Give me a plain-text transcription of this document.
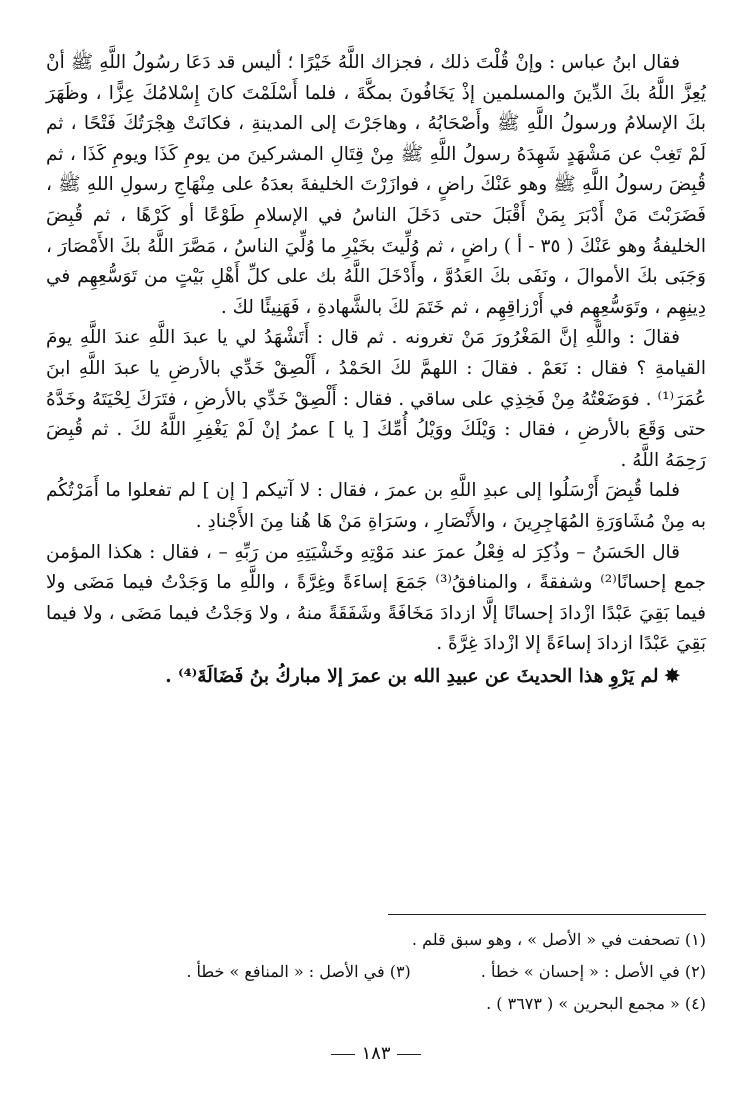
فقال ابنُ عباس : وإنْ قُلْتَ ذلك ، فجزاك اللَّهُ خَيْرًا ؛ أليس قد دَعَا رسُولُ اللَّهِ ﷺ أنْ يُعِزَّ اللَّهُ بكَ الدِّينَ والمسلمين إذْ يَخَافُونَ بمكَّةَ ، فلما أَسْلَمْتَ كانَ إِسْلامُكَ عِزًّا ، وظَهَرَ بكَ الإسلامُ ورسولُ اللَّهِ ﷺ وأَصْحَابُهُ ، وهاجَرْتَ إلى المدينةِ ، فكانَتْ هِجْرَتُكَ فَتْحًا ، ثم لَمْ تَغِبْ عن مَشْهَدٍ شَهِدَهُ رسولُ اللَّهِ ﷺ مِنْ قِتَالِ المشركينَ من يومِ كَذَا ويومِ كَذَا ، ثم قُبِضَ رسولُ اللَّهِ ﷺ وهو عَنْكَ راضٍ ، فوازَرْتَ الخليفةَ بعدَهُ على مِنْهَاجِ رسولِ اللهِ ﷺ ، فَضَرَبْتَ مَنْ أَدْبَرَ بِمَنْ أَقْبَلَ حتى دَخَلَ الناسُ في الإسلامِ طَوْعًا أو كَرْهًا ، ثم قُبِضَ الخليفةُ وهو عَنْكَ ( ٣٥ - أ ) راضٍ ، ثم وُلِّيتَ بخَيْرِ ما وُلِّيَ الناسُ ، مَصَّرَ اللَّهُ بكَ الأَمْصَارَ ، وَجَبَى بكَ الأموالَ ، ونَفَى بكَ العَدُوَّ ، وأَدْخَلَ اللَّهُ بك على كلِّ أَهْلِ بَيْتٍ من تَوَسُّعِهِم في دِينِهِم ، وتَوَسُّعِهِم في أَرْزاقِهِم ، ثم خَتَمَ لكَ بالشَّهادةِ ، فَهَنِيئًا لكَ .

فقالَ : واللَّهِ إنَّ المَغْرُورَ مَنْ تغرونه . ثم قال : أَتَشْهَدُ لي يا عبدَ اللَّهِ عندَ اللَّهِ يومَ القيامةِ ؟ فقال : نَعَمْ . فقالَ : اللهمَّ لكَ الحَمْدُ ، أَلْصِقْ خَدِّي بالأرضِ يا عبدَ اللَّهِ ابنَ عُمَرَ⁽¹⁾ . فوَضَعْتُهُ مِنْ فَخِذِي على ساقي . فقال : أَلْصِقْ خَدِّي بالأرضِ ، فتَرَكَ لِحْيَتَهُ وخَدَّهُ حتى وَقَعَ بالأرضِ ، فقال : وَيْلَكَ ووَيْلُ أُمِّكَ [ يا ] عمرُ إنْ لَمْ يَغْفِرِ اللَّهُ لكَ . ثم قُبِضَ رَحِمَهُ اللَّهُ .

فلما قُبِضَ أَرْسَلُوا إلى عبدِ اللَّهِ بن عمرَ ، فقال : لا آتيكم [ إن ] لم تفعلوا ما أَمَرْتُكُم به مِنْ مُشَاوَرَةِ المُهَاجِرِينَ ، والأَنْصَارِ ، وسَرَاةِ مَنْ هَا هُنا مِنَ الأَجْنادِ .

قال الحَسَنُ – وذُكِرَ له فِعْلُ عمرَ عند مَوْتِهِ وخَشْيَتِهِ من رَبِّهِ – ، فقال : هكذا المؤمن جمع إحسانًا⁽²⁾ وشفقةً ، والمنافقُ⁽³⁾ جَمَعَ إساءَةً وغِرَّةً ، واللَّهِ ما وَجَدْتُ فيما مَضَى ولا فيما بَقِيَ عَبْدًا ازْدادَ إحسانًا إلَّا ازدادَ مَخَافَةً وشَفَقَةً منهُ ، ولا وَجَدْتُ فيما مَضَى ، ولا فيما بَقِيَ عَبْدًا ازدادَ إساءَةً إلا ازْدادَ غِرَّةً .

✸لم يَرْوِ هذا الحديثَ عن عبيدِ الله بن عمرَ إلا مباركُ بنُ فَضَالَةَ⁽⁴⁾ .

(١) تصحفت في « الأصل » ، وهو سبق قلم .
(٢) في الأصل : « إحسان » خطأ .
(٣) في الأصل : « المنافع » خطأ .
(٤) « مجمع البحرين » ( ٣٦٧٣ ) .
١٨٣
